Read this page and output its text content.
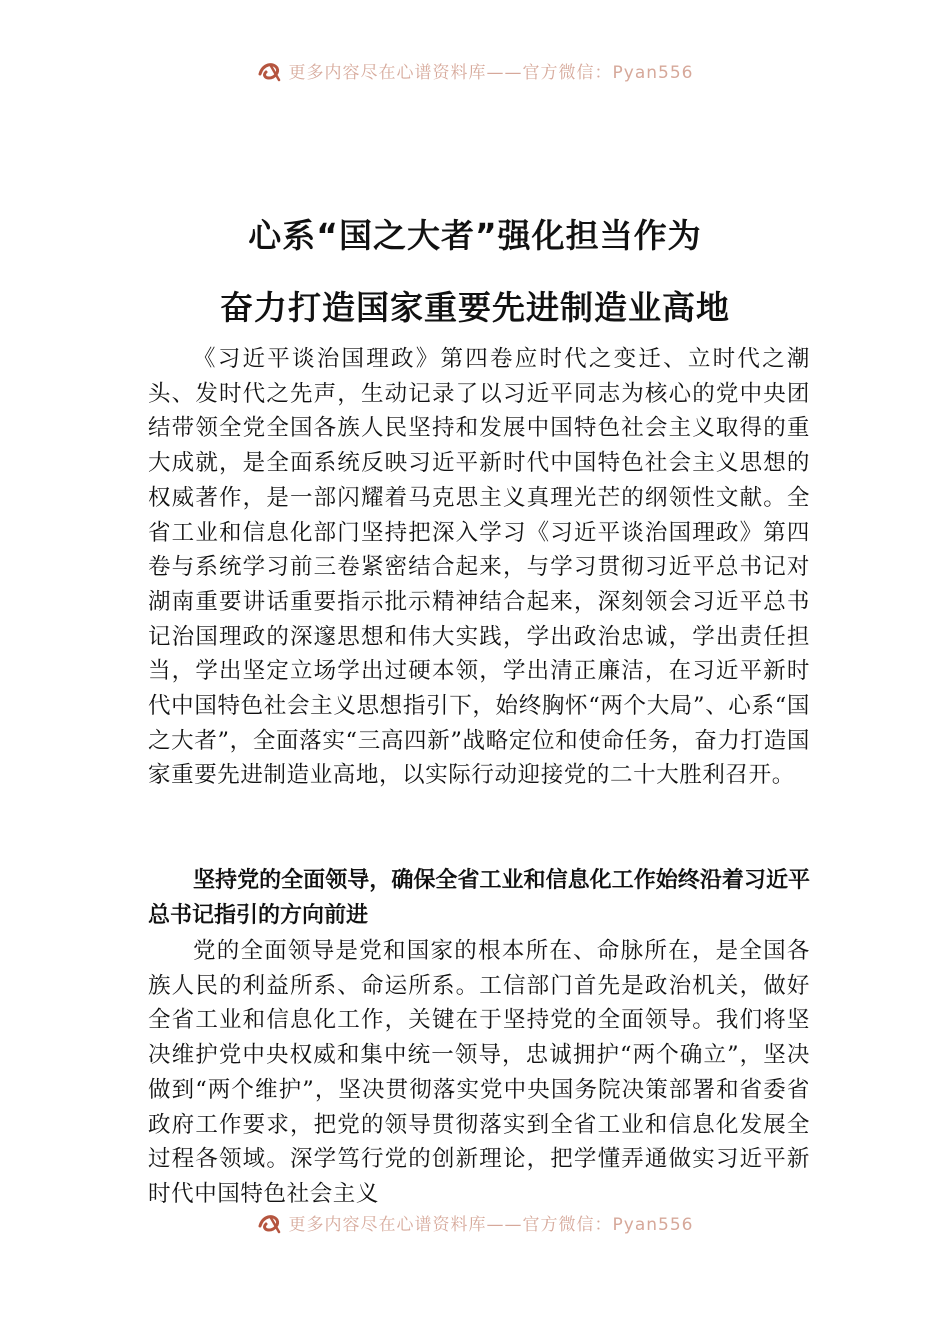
更多内容尽在心谱资料库——官方微信：Pyan556
心系“国之大者”强化担当作为
奋力打造国家重要先进制造业高地

《习近平谈治国理政》第四卷应时代之变迁、立时代之潮头、发时代之先声，生动记录了以习近平同志为核心的党中央团结带领全党全国各族人民坚持和发展中国特色社会主义取得的重大成就，是全面系统反映习近平新时代中国特色社会主义思想的权威著作，是一部闪耀着马克思主义真理光芒的纲领性文献。全省工业和信息化部门坚持把深入学习《习近平谈治国理政》第四卷与系统学习前三卷紧密结合起来，与学习贯彻习近平总书记对湖南重要讲话重要指示批示精神结合起来，深刻领会习近平总书记治国理政的深邃思想和伟大实践，学出政治忠诚，学出责任担当，学出坚定立场学出过硬本领，学出清正廉洁，在习近平新时代中国特色社会主义思想指引下，始终胸怀“两个大局”、心系“国之大者”，全面落实“三高四新”战略定位和使命任务，奋力打造国家重要先进制造业高地，以实际行动迎接党的二十大胜利召开。

坚持党的全面领导，确保全省工业和信息化工作始终沿着习近平总书记指引的方向前进

党的全面领导是党和国家的根本所在、命脉所在，是全国各族人民的利益所系、命运所系。工信部门首先是政治机关，做好全省工业和信息化工作，关键在于坚持党的全面领导。我们将坚决维护党中央权威和集中统一领导，忠诚拥护“两个确立”，坚决做到“两个维护”，坚决贯彻落实党中央国务院决策部署和省委省政府工作要求，把党的领导贯彻落实到全省工业和信息化发展全过程各领域。深学笃行党的创新理论，把学懂弄通做实习近平新时代中国特色社会主义

更多内容尽在心谱资料库——官方微信：Pyan556
